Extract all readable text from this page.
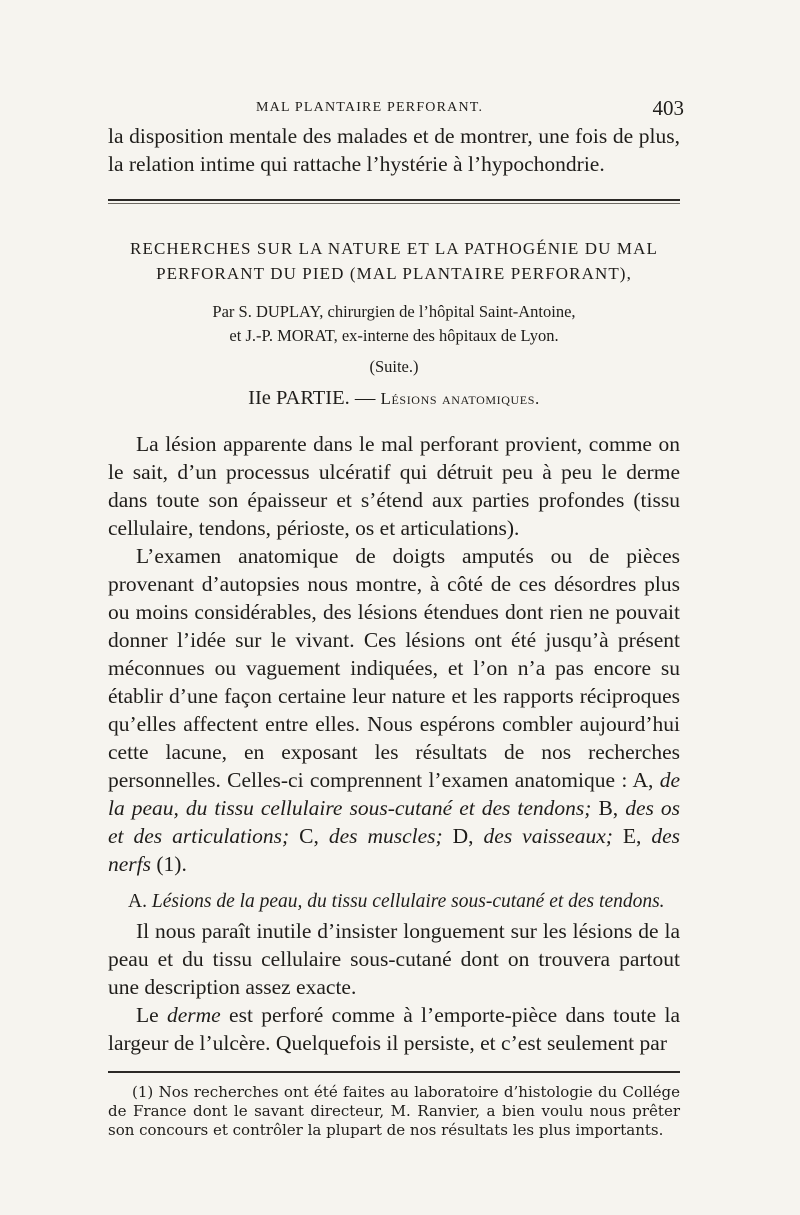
MAL PLANTAIRE PERFORANT.	403

la disposition mentale des malades et de montrer, une fois de plus, la relation intime qui rattache l’hystérie à l’hypochondrie.

RECHERCHES SUR LA NATURE ET LA PATHOGÉNIE DU MAL
PERFORANT DU PIED (MAL PLANTAIRE PERFORANT),
Par S. DUPLAY, chirurgien de l’hôpital Saint-Antoine,
et J.-P. MORAT, ex-interne des hôpitaux de Lyon.
(Suite.)
IIe PARTIE. — Lésions anatomiques.

La lésion apparente dans le mal perforant provient, comme on le sait, d’un processus ulcératif qui détruit peu à peu le derme dans toute son épaisseur et s’étend aux parties profondes (tissu cellulaire, tendons, périoste, os et articulations).

L’examen anatomique de doigts amputés ou de pièces provenant d’autopsies nous montre, à côté de ces désordres plus ou moins considérables, des lésions étendues dont rien ne pouvait donner l’idée sur le vivant. Ces lésions ont été jusqu’à présent méconnues ou vaguement indiquées, et l’on n’a pas encore su établir d’une façon certaine leur nature et les rapports réciproques qu’elles affectent entre elles. Nous espérons combler aujourd’hui cette lacune, en exposant les résultats de nos recherches personnelles. Celles-ci comprennent l’examen anatomique : A, de la peau, du tissu cellulaire sous-cutané et des tendons; B, des os et des articulations; C, des muscles; D, des vaisseaux; E, des nerfs (1).

A. Lésions de la peau, du tissu cellulaire sous-cutané et des tendons.

Il nous paraît inutile d’insister longuement sur les lésions de la peau et du tissu cellulaire sous-cutané dont on trouvera partout une description assez exacte.

Le derme est perforé comme à l’emporte-pièce dans toute la largeur de l’ulcère. Quelquefois il persiste, et c’est seulement par

(1) Nos recherches ont été faites au laboratoire d’histologie du Collége de France dont le savant directeur, M. Ranvier, a bien voulu nous prêter son concours et contrôler la plupart de nos résultats les plus importants.
